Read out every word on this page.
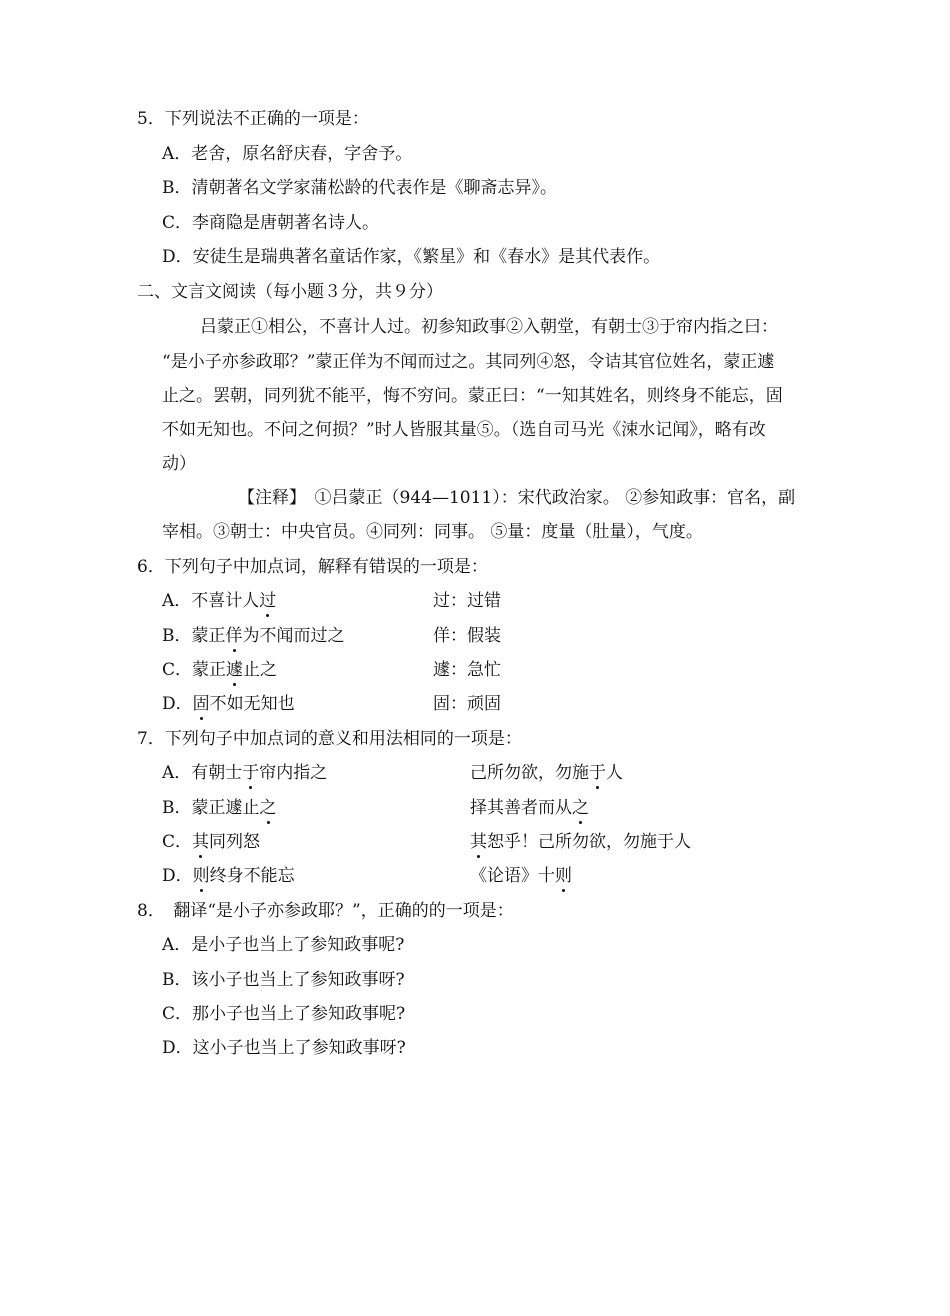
5．下列说法不正确的一项是：
A．老舍，原名舒庆春，字舍予。
B．清朝著名文学家蒲松龄的代表作是《聊斋志异》。
C．李商隐是唐朝著名诗人。
D．安徒生是瑞典著名童话作家，《繁星》和《春水》是其代表作。
二、文言文阅读（每小题３分，共９分）
吕蒙正①相公，不喜计人过。初参知政事②入朝堂，有朝士③于帘内指之曰：
“是小子亦参政耶？”蒙正佯为不闻而过之。其同列④怒，令诘其官位姓名，蒙正遽
止之。罢朝，同列犹不能平，悔不穷问。蒙正曰：“一知其姓名，则终身不能忘，固
不如无知也。不问之何损？”时人皆服其量⑤。（选自司马光《涑水记闻》，略有改
动）
【注释】　①吕蒙正（944—1011）：宋代政治家。 ②参知政事：官名，副
宰相。③朝士：中央官员。④同列：同事。 ⑤量：度量（肚量），气度。
6．下列句子中加点词，解释有错误的一项是：
A．不喜计人过	过：过错
B．蒙正佯为不闻而过之	佯：假装
C．蒙正遽止之	遽：急忙
D．固不如无知也	固：顽固
7．下列句子中加点词的意义和用法相同的一项是：
A．有朝士于帘内指之	己所勿欲，勿施于人
B．蒙正遽止之	择其善者而从之
C．其同列怒	其恕乎！己所勿欲，勿施于人
D．则终身不能忘	《论语》十则
8．　翻译“是小子亦参政耶？”，正确的的一项是：
A．是小子也当上了参知政事呢?
B．该小子也当上了参知政事呀?
C．那小子也当上了参知政事呢?
D．这小子也当上了参知政事呀?
